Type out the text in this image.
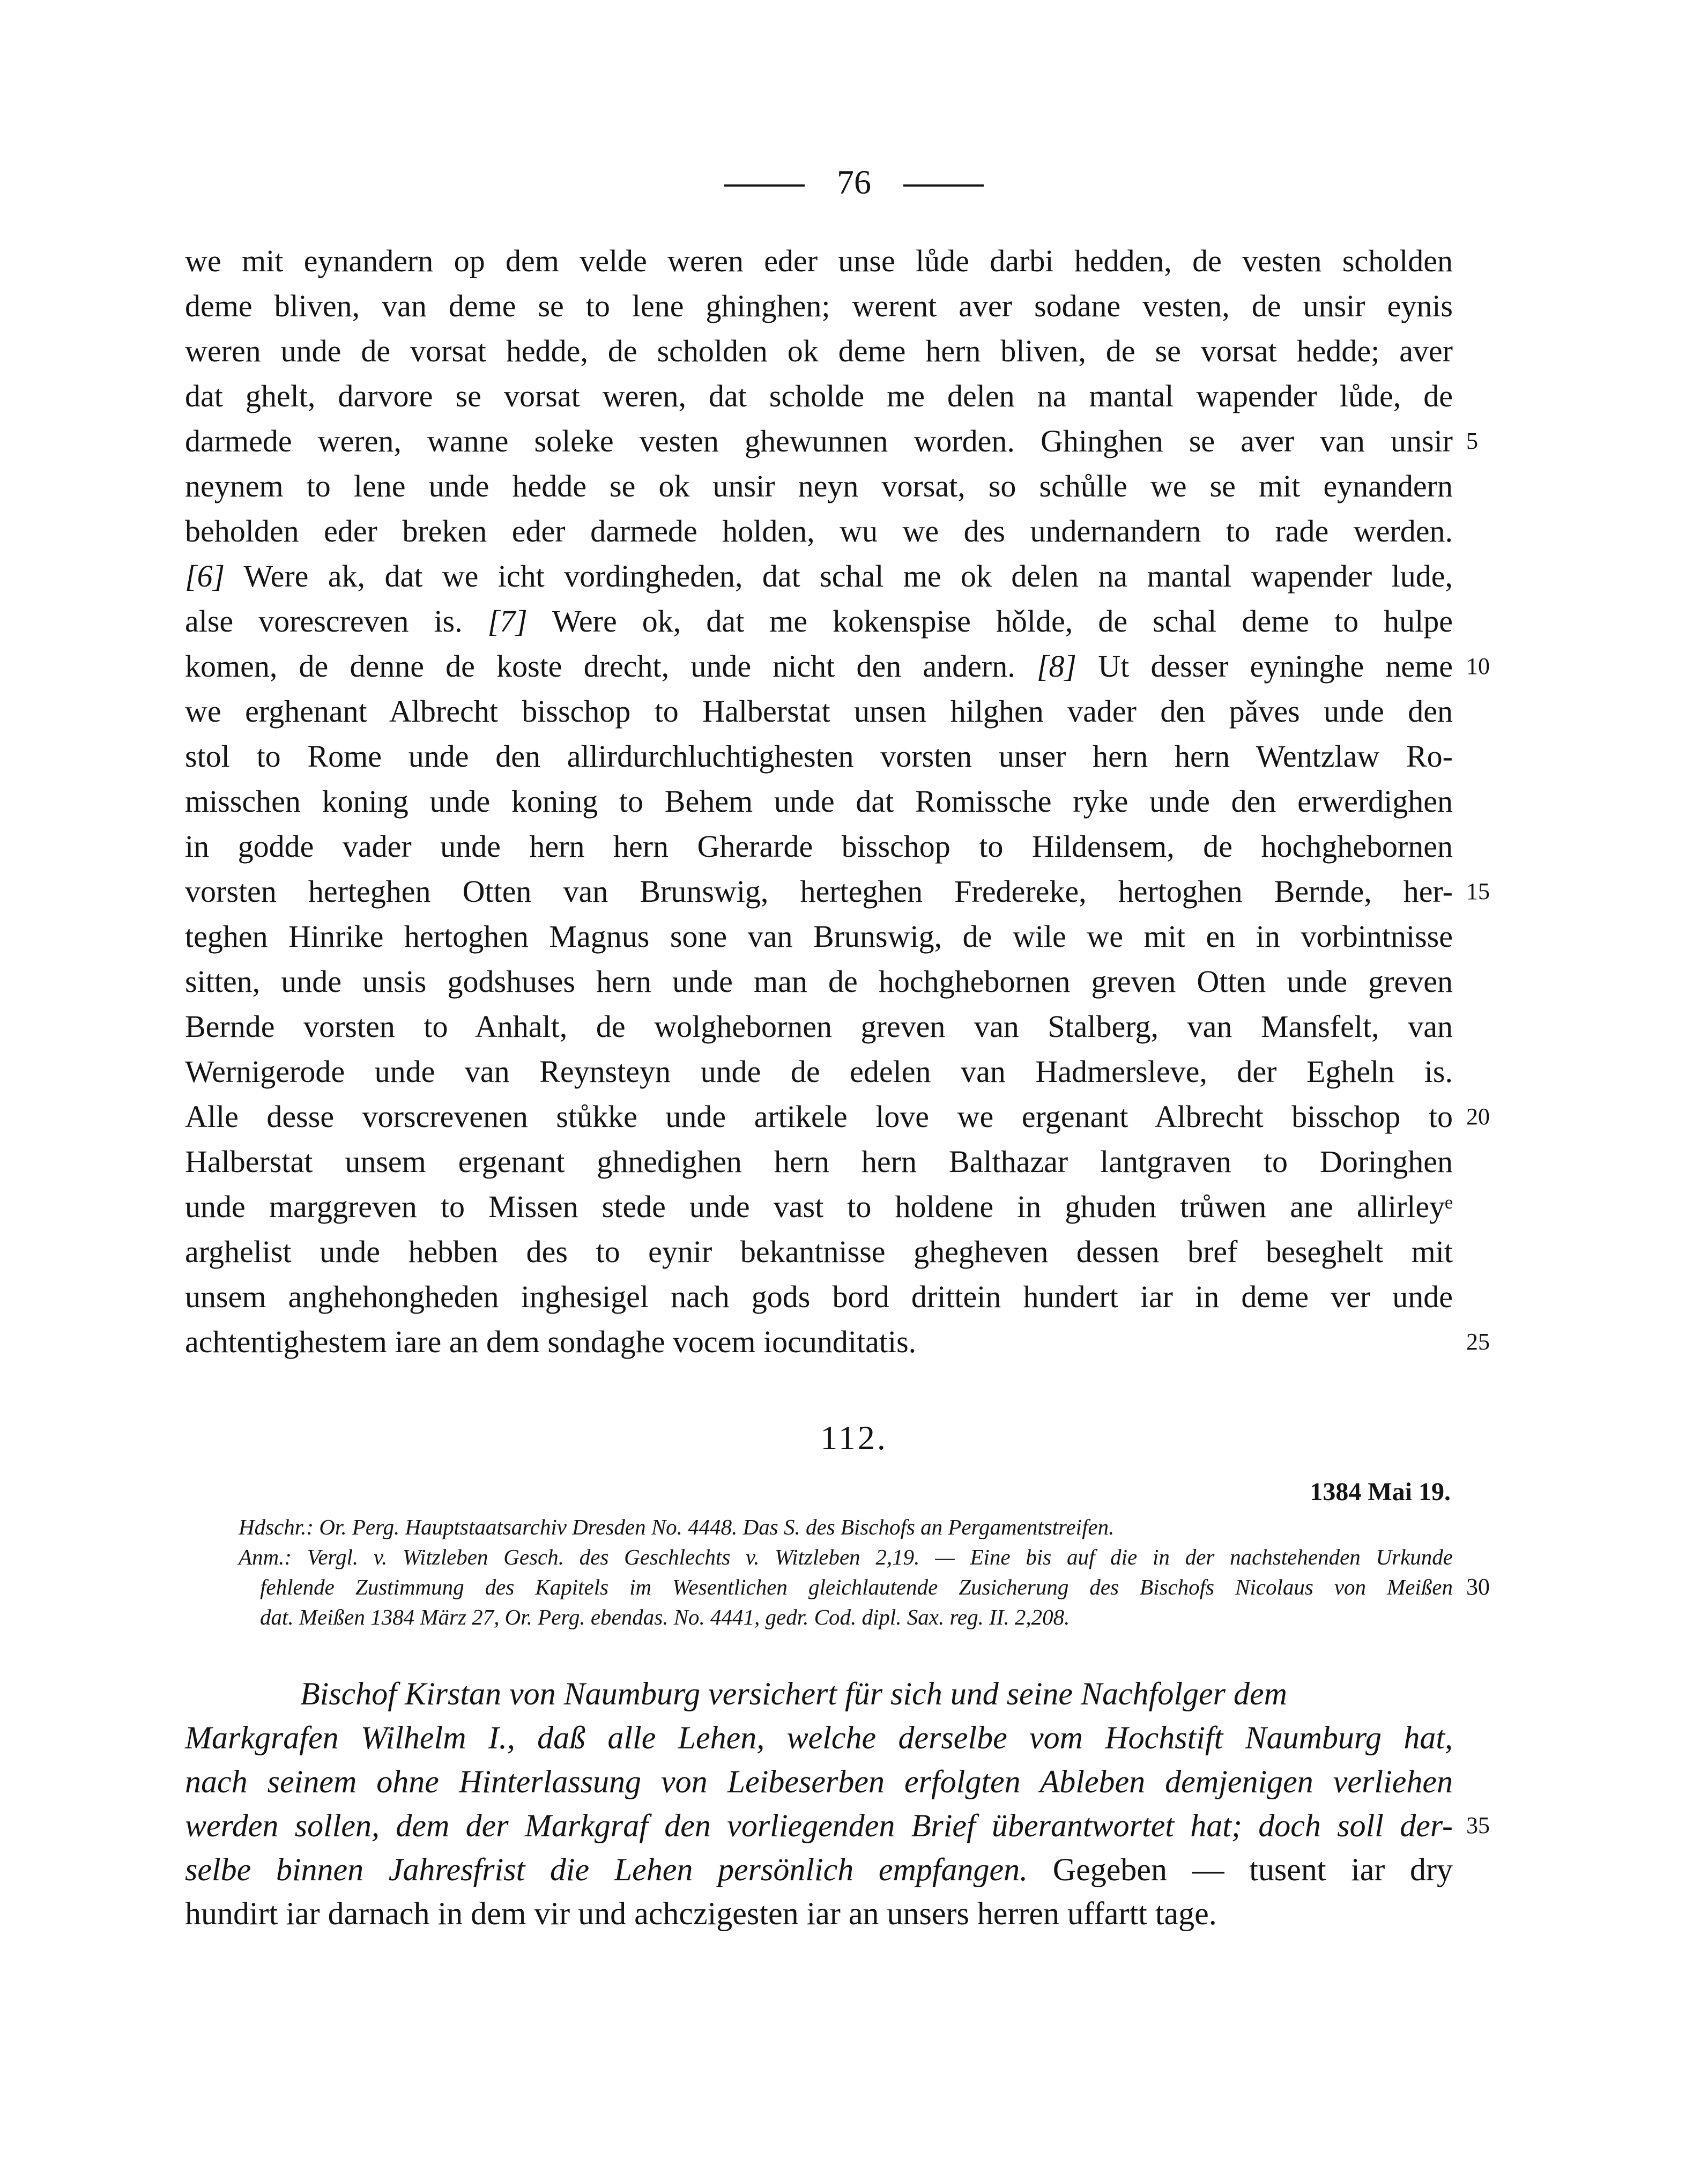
76
we mit eynandern op dem velde weren eder unse lůde darbi hedden, de vesten scholden
deme bliven, van deme se to lene ghinghen; werent aver sodane vesten, de unsir eynis
weren unde de vorsat hedde, de scholden ok deme hern bliven, de se vorsat hedde; aver
dat ghelt, darvore se vorsat weren, dat scholde me delen na mantal wapender lůde, de
darmede weren, wanne soleke vesten ghewunnen worden. Ghinghen se aver van unsir 5
neynem to lene unde hedde se ok unsir neyn vorsat, so schůlle we se mit eynandern
beholden eder breken eder darmede holden, wu we des undernandern to rade werden.
[6] Were ak, dat we icht vordingheden, dat schal me ok delen na mantal wapender lude,
alse vorescreven is. [7] Were ok, dat me kokenspise hǒlde, de schal deme to hulpe
komen, de denne de koste drecht, unde nicht den andern. [8] Ut desser eyninghe neme 10
we erghenant Albrecht bisschop to Halberstat unsen hilghen vader den pǎves unde den
stol to Rome unde den allirdurchluchtighesten vorsten unser hern hern Wentzlaw Ro-
misschen koning unde koning to Behem unde dat Romissche ryke unde den erwerdighen
in godde vader unde hern hern Gherarde bisschop to Hildensem, de hochghebornen
vorsten herteghen Otten van Brunswig, herteghen Fredereke, hertoghen Bernde, her- 15
teghen Hinrike hertoghen Magnus sone van Brunswig, de wile we mit en in vorbintnisse
sitten, unde unsis godshuses hern unde man de hochghebornen greven Otten unde greven
Bernde vorsten to Anhalt, de wolghebornen greven van Stalberg, van Mansfelt, van
Wernigerode unde van Reynsteyn unde de edelen van Hadmersleve, der Egheln is.
Alle desse vorscrevenen stůkke unde artikele love we ergenant Albrecht bisschop to 20
Halberstat unsem ergenant ghnedighen hern hern Balthazar lantgraven to Doringhen
unde marggreven to Missen stede unde vast to holdene in ghuden trůwen ane allirleyᵉ
arghelist unde hebben des to eynir bekantnisse ghegheven dessen bref beseghelt mit
unsem anghehongheden inghesigel nach gods bord drittein hundert iar in deme ver unde
achtentighestem iare an dem sondaghe vocem iocunditatis.	25
112.
1384 Mai 19.
Hdschr.: Or. Perg. Hauptstaatsarchiv Dresden No. 4448. Das S. des Bischofs an Pergamentstreifen.
Anm.: Vergl. v. Witzleben Gesch. des Geschlechts v. Witzleben 2,19. — Eine bis auf die in der nachstehenden Urkunde
fehlende Zustimmung des Kapitels im Wesentlichen gleichlautende Zusicherung des Bischofs Nicolaus von Meißen 30
dat. Meißen 1384 März 27, Or. Perg. ebendas. No. 4441, gedr. Cod. dipl. Sax. reg. II. 2,208.
Bischof Kirstan von Naumburg versichert für sich und seine Nachfolger dem
Markgrafen Wilhelm I., daß alle Lehen, welche derselbe vom Hochstift Naumburg hat,
nach seinem ohne Hinterlassung von Leibeserben erfolgten Ableben demjenigen verliehen
werden sollen, dem der Markgraf den vorliegenden Brief überantwortet hat; doch soll der- 35
selbe binnen Jahresfrist die Lehen persönlich empfangen. Gegeben — tusent iar dry
hundirt iar darnach in dem vir und achczigesten iar an unsers herren uffartt tage.
